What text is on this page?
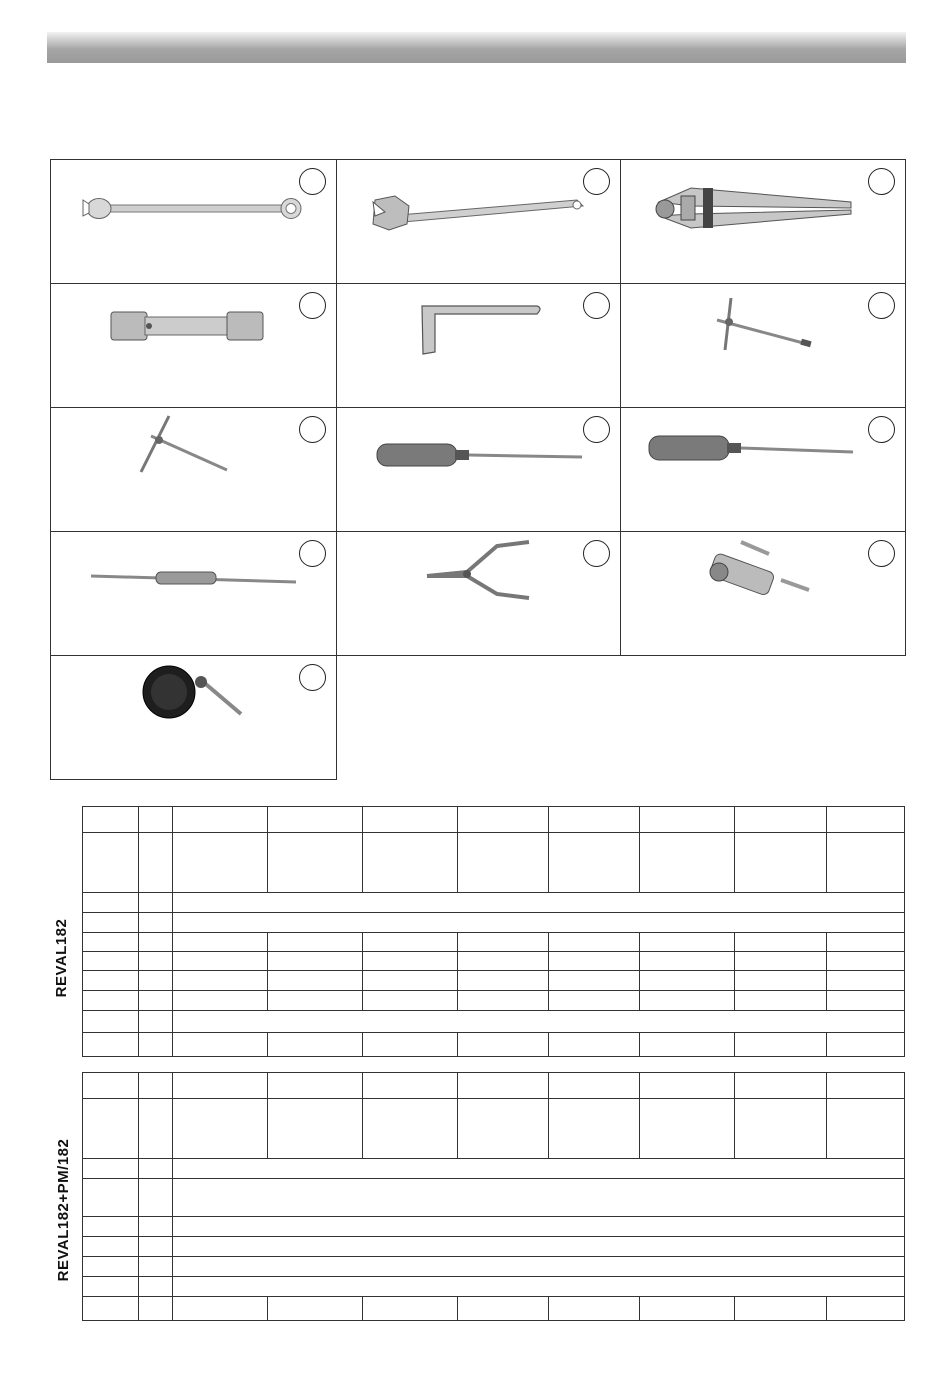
REVAL182

REVAL182+PM/182
